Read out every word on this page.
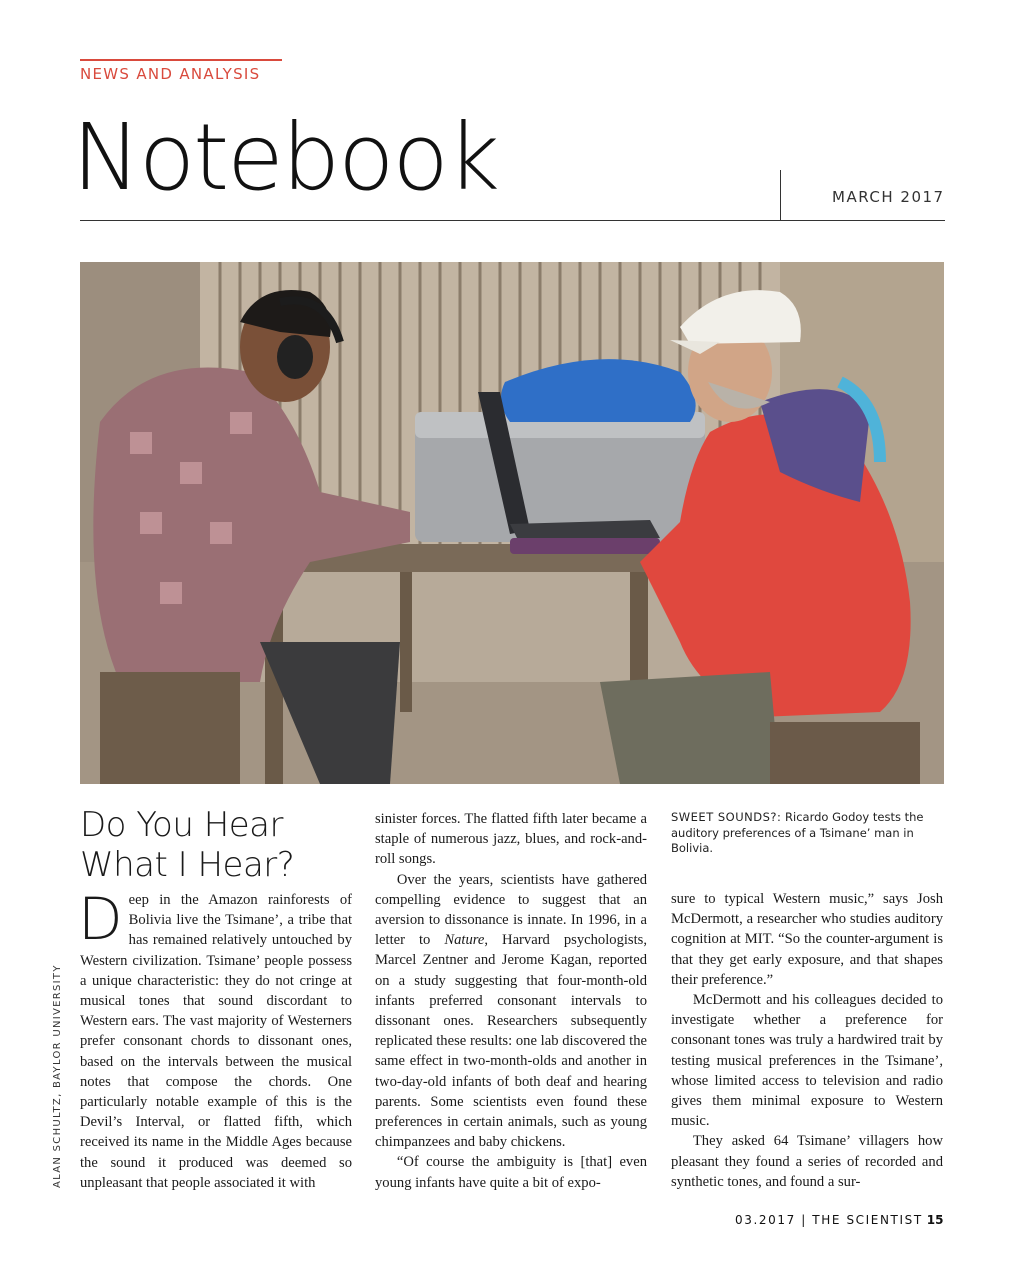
NEWS AND ANALYSIS
Notebook	MARCH 2017
ALAN SCHULTZ, BAYLOR UNIVERSITY
Do You Hear
What I Hear?
SWEET SOUNDS?: Ricardo Godoy tests the auditory preferences of a Tsimane’ man in Bolivia.

Deep in the Amazon rainforests of Bolivia live the Tsimane’, a tribe that has remained relatively untouched by Western civilization. Tsimane’ people possess a unique characteristic: they do not cringe at musical tones that sound discordant to Western ears. The vast majority of Westerners prefer consonant chords to dissonant ones, based on the intervals between the musical notes that compose the chords. One particularly notable example of this is the Devil’s Interval, or flatted fifth, which received its name in the Middle Ages because the sound it produced was deemed so unpleasant that people associated it with

sinister forces. The flatted fifth later became a staple of numerous jazz, blues, and rock-and-roll songs.

Over the years, scientists have gathered compelling evidence to suggest that an aversion to dissonance is innate. In 1996, in a letter to Nature, Harvard psychologists, Marcel Zentner and Jerome Kagan, reported on a study suggesting that four-month-old infants preferred consonant intervals to dissonant ones. Researchers subsequently replicated these results: one lab discovered the same effect in two-month-olds and another in two-day-old infants of both deaf and hearing parents. Some scientists even found these preferences in certain animals, such as young chimpanzees and baby chickens.

“Of course the ambiguity is [that] even young infants have quite a bit of expo-

sure to typical Western music,” says Josh McDermott, a researcher who studies auditory cognition at MIT. “So the counter-argument is that they get early exposure, and that shapes their preference.”

McDermott and his colleagues decided to investigate whether a preference for consonant tones was truly a hardwired trait by testing musical preferences in the Tsimane’, whose limited access to television and radio gives them minimal exposure to Western music.

They asked 64 Tsimane’ villagers how pleasant they found a series of recorded and synthetic tones, and found a sur-

03.2017 | THE SCIENTIST 15
